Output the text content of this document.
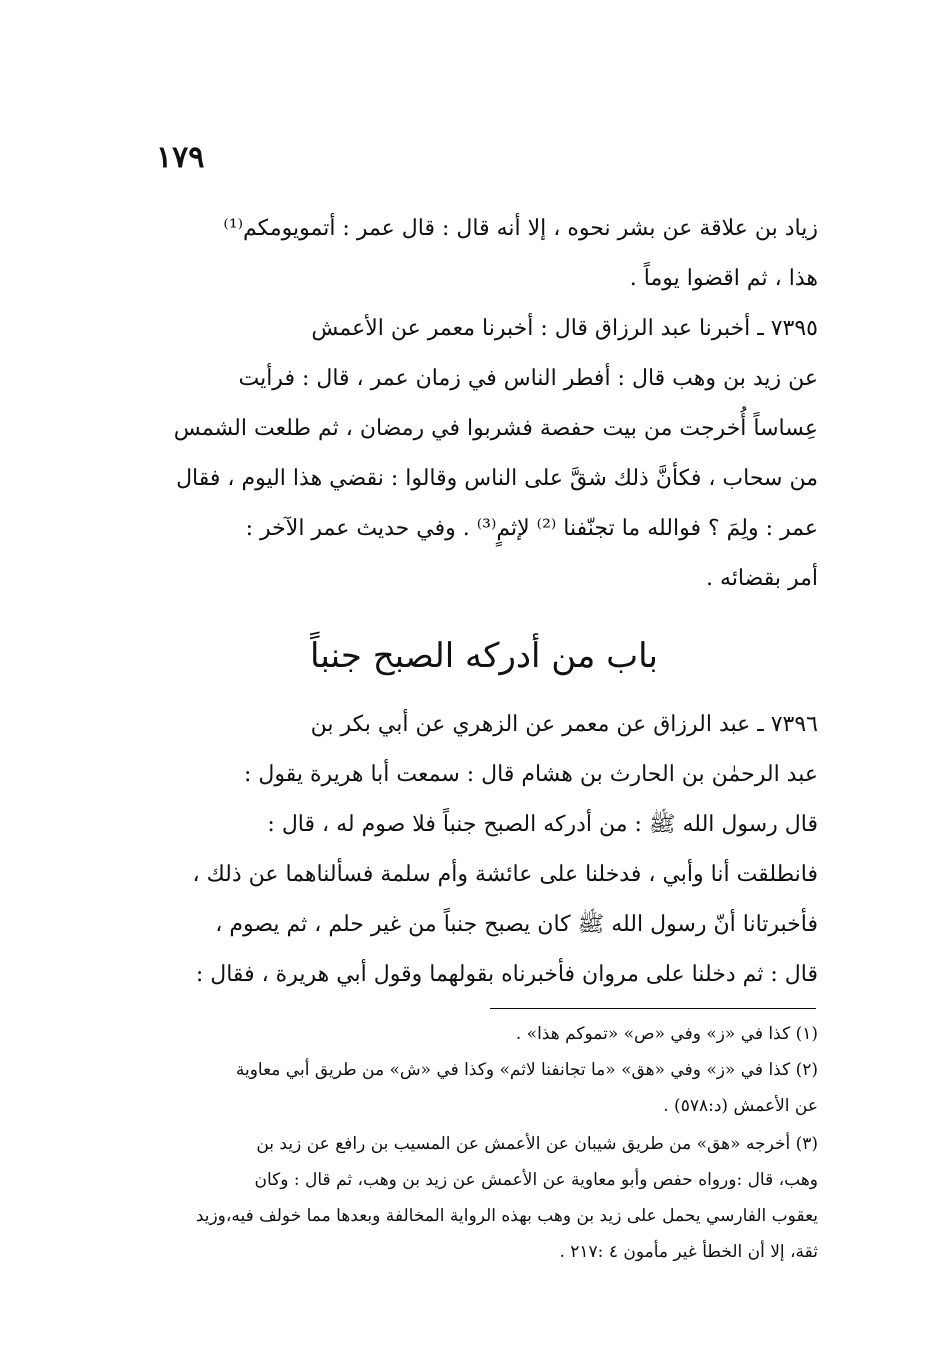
١٧٩
زياد بن علاقة عن بشر نحوه ، إلا أنه قال : قال عمر : أتمويومكم⁽¹⁾
هذا ، ثم اقضوا يوماً .
٧٣٩٥ ـ أخبرنا عبد الرزاق قال : أخبرنا معمر عن الأعمش
عن زيد بن وهب قال : أفطر الناس في زمان عمر ، قال : فرأيت
عِساساً أُخرجت من بيت حفصة فشربوا في رمضان ، ثم طلعت الشمس
من سحاب ، فكأنَّ ذلك شقَّ على الناس وقالوا : نقضي هذا اليوم ، فقال
عمر : ولِمَ ؟ فوالله ما تجنّفنا ⁽²⁾ لإثمٍ⁽³⁾ . وفي حديث عمر الآخر :
أمر بقضائه .
باب من أدركه الصبح جنباً
٧٣٩٦ ـ عبد الرزاق عن معمر عن الزهري عن أبي بكر بن
عبد الرحمٰن بن الحارث بن هشام قال : سمعت أبا هريرة يقول :
قال رسول الله ﷺ : من أدركه الصبح جنباً فلا صوم له ، قال :
فانطلقت أنا وأبي ، فدخلنا على عائشة وأم سلمة فسألناهما عن ذلك ،
فأخبرتانا أنّ رسول الله ﷺ كان يصبح جنباً من غير حلم ، ثم يصوم ،
قال : ثم دخلنا على مروان فأخبرناه بقولهما وقول أبي هريرة ، فقال :
(١) كذا في «ز» وفي «ص» «تموكم هذا» .
(٢) كذا في «ز» وفي «هق» «ما تجانفنا لاثم» وكذا في «ش» من طريق أبي معاوية
عن الأعمش (د:٥٧٨) .
(٣) أخرجه «هق» من طريق شيبان عن الأعمش عن المسيب بن رافع عن زيد بن
وهب، قال :ورواه حفص وأبو معاوية عن الأعمش عن زيد بن وهب، ثم قال : وكان
يعقوب الفارسي يحمل على زيد بن وهب بهذه الرواية المخالفة وبعدها مما خولف فيه،وزيد
ثقة، إلا أن الخطأ غير مأمون ٤ :٢١٧ .
